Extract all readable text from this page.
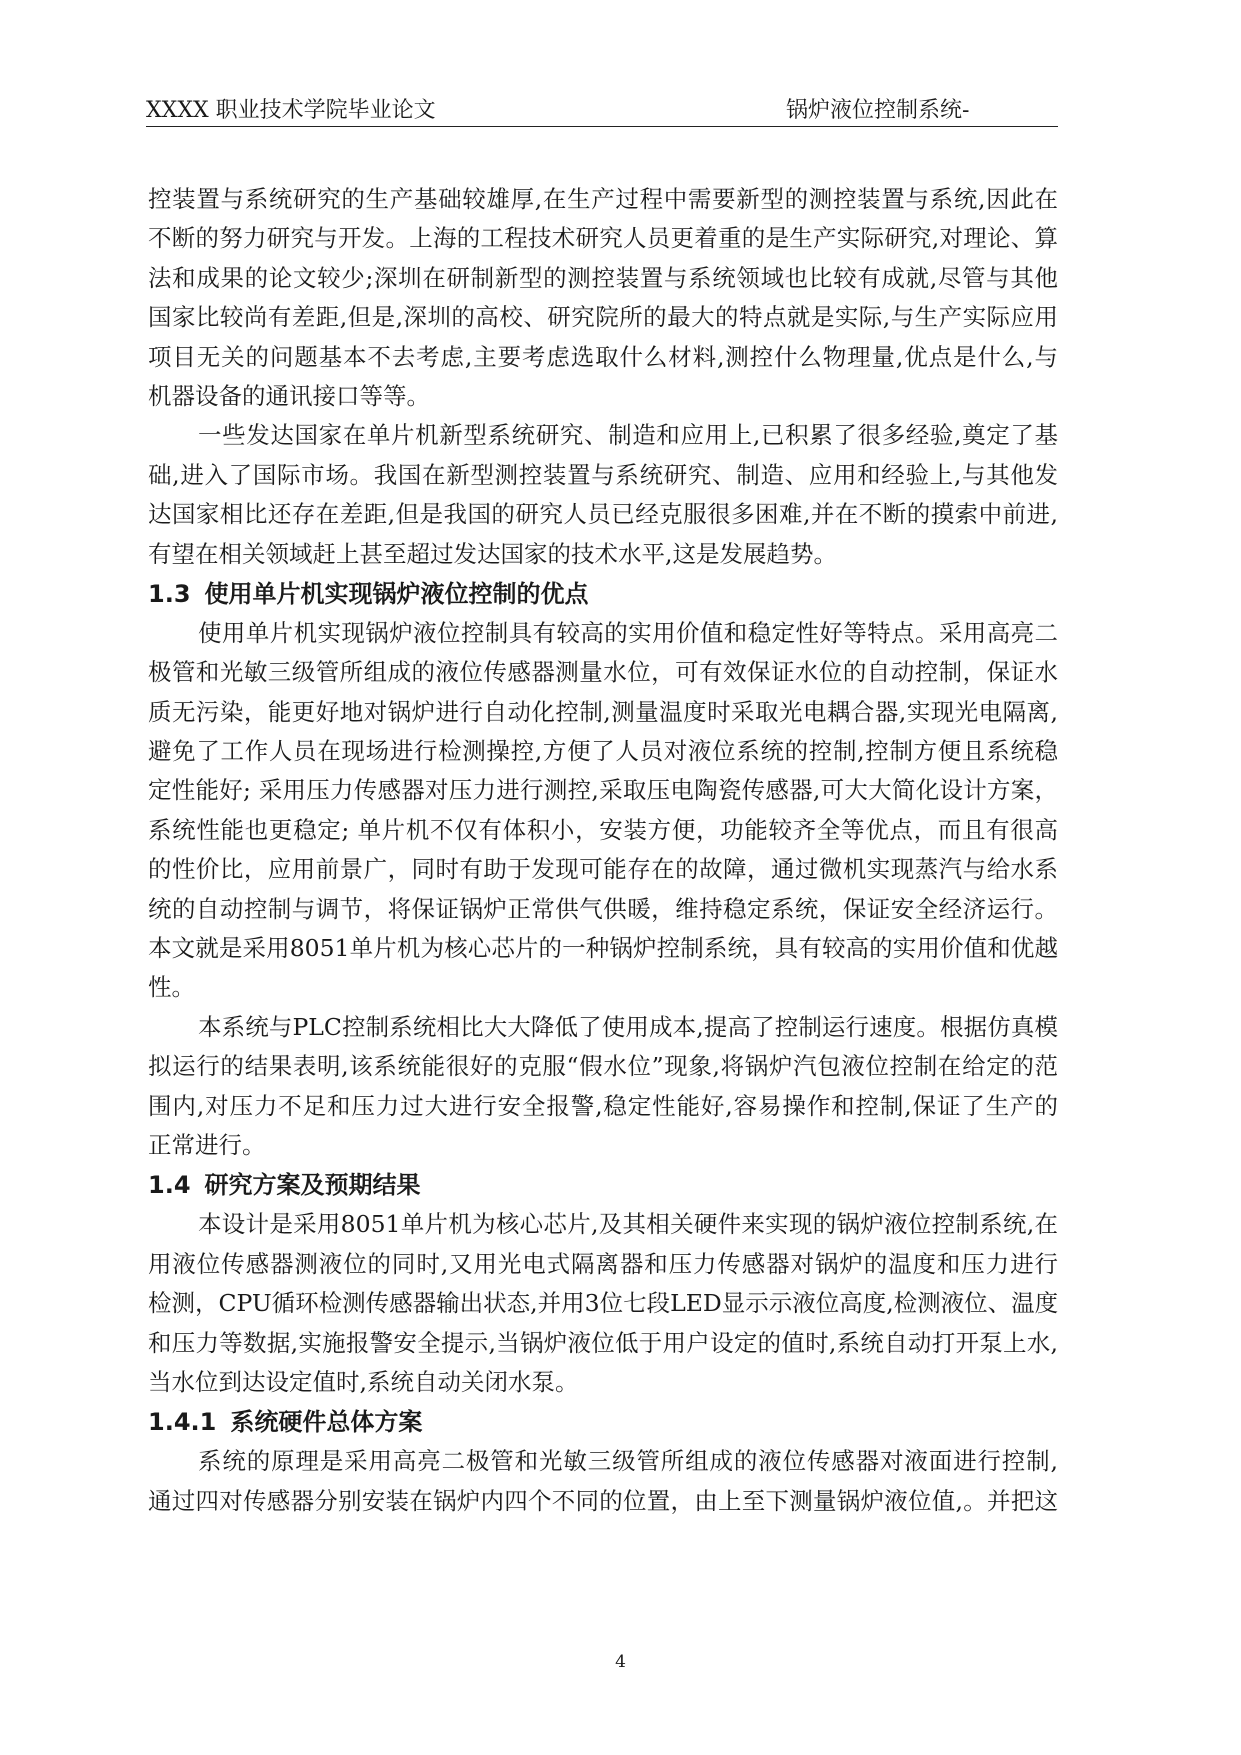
XXXX 职业技术学院毕业论文	锅炉液位控制系统-
控装置与系统研究的生产基础较雄厚,在生产过程中需要新型的测控装置与系统,因此在
不断的努力研究与开发。上海的工程技术研究人员更着重的是生产实际研究,对理论、算
法和成果的论文较少;深圳在研制新型的测控装置与系统领域也比较有成就,尽管与其他
国家比较尚有差距,但是,深圳的高校、研究院所的最大的特点就是实际,与生产实际应用
项目无关的问题基本不去考虑,主要考虑选取什么材料,测控什么物理量,优点是什么,与
机器设备的通讯接口等等。
一些发达国家在单片机新型系统研究、制造和应用上,已积累了很多经验,奠定了基
础,进入了国际市场。我国在新型测控装置与系统研究、制造、应用和经验上,与其他发
达国家相比还存在差距,但是我国的研究人员已经克服很多困难,并在不断的摸索中前进,
有望在相关领域赶上甚至超过发达国家的技术水平,这是发展趋势。
1.3 使用单片机实现锅炉液位控制的优点
使用单片机实现锅炉液位控制具有较高的实用价值和稳定性好等特点。采用高亮二
极管和光敏三级管所组成的液位传感器测量水位，可有效保证水位的自动控制，保证水
质无污染，能更好地对锅炉进行自动化控制,测量温度时采取光电耦合器,实现光电隔离,
避免了工作人员在现场进行检测操控,方便了人员对液位系统的控制,控制方便且系统稳
定性能好; 采用压力传感器对压力进行测控,采取压电陶瓷传感器,可大大简化设计方案，
系统性能也更稳定; 单片机不仅有体积小，安装方便，功能较齐全等优点，而且有很高
的性价比，应用前景广，同时有助于发现可能存在的故障，通过微机实现蒸汽与给水系
统的自动控制与调节，将保证锅炉正常供气供暖，维持稳定系统，保证安全经济运行。
本文就是采用8051单片机为核心芯片的一种锅炉控制系统，具有较高的实用价值和优越
性。
本系统与PLC控制系统相比大大降低了使用成本,提高了控制运行速度。根据仿真模
拟运行的结果表明,该系统能很好的克服“假水位”现象,将锅炉汽包液位控制在给定的范
围内,对压力不足和压力过大进行安全报警,稳定性能好,容易操作和控制,保证了生产的
正常进行。
1.4 研究方案及预期结果
本设计是采用8051单片机为核心芯片,及其相关硬件来实现的锅炉液位控制系统,在
用液位传感器测液位的同时,又用光电式隔离器和压力传感器对锅炉的温度和压力进行
检测，CPU循环检测传感器输出状态,并用3位七段LED显示示液位高度,检测液位、温度
和压力等数据,实施报警安全提示,当锅炉液位低于用户设定的值时,系统自动打开泵上水,
当水位到达设定值时,系统自动关闭水泵。
1.4.1 系统硬件总体方案
系统的原理是采用高亮二极管和光敏三级管所组成的液位传感器对液面进行控制,
通过四对传感器分别安装在锅炉内四个不同的位置，由上至下测量锅炉液位值,。并把这
4
